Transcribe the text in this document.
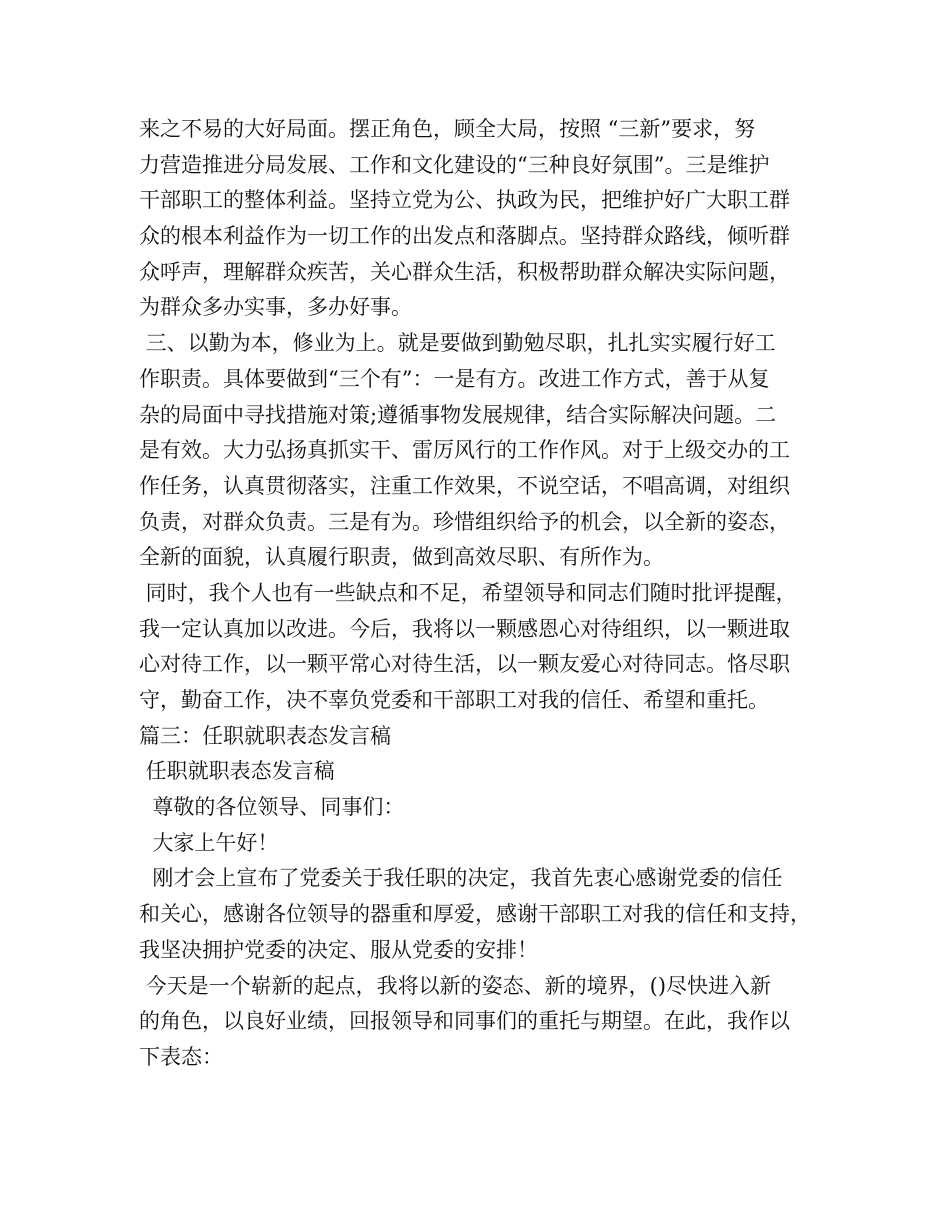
来之不易的大好局面。摆正角色，顾全大局，按照 “三新”要求，努
力营造推进分局发展、工作和文化建设的“三种良好氛围”。三是维护
干部职工的整体利益。坚持立党为公、执政为民，把维护好广大职工群
众的根本利益作为一切工作的出发点和落脚点。坚持群众路线，倾听群
众呼声，理解群众疾苦，关心群众生活，积极帮助群众解决实际问题，
为群众多办实事，多办好事。
三、以勤为本，修业为上。就是要做到勤勉尽职，扎扎实实履行好工
作职责。具体要做到“三个有”：一是有方。改进工作方式，善于从复
杂的局面中寻找措施对策;遵循事物发展规律，结合实际解决问题。二
是有效。大力弘扬真抓实干、雷厉风行的工作作风。对于上级交办的工
作任务，认真贯彻落实，注重工作效果，不说空话，不唱高调，对组织
负责，对群众负责。三是有为。珍惜组织给予的机会，以全新的姿态，
全新的面貌，认真履行职责，做到高效尽职、有所作为。
同时，我个人也有一些缺点和不足，希望领导和同志们随时批评提醒，
我一定认真加以改进。今后，我将以一颗感恩心对待组织，以一颗进取
心对待工作，以一颗平常心对待生活，以一颗友爱心对待同志。恪尽职
守，勤奋工作，决不辜负党委和干部职工对我的信任、希望和重托。
篇三：任职就职表态发言稿
任职就职表态发言稿
尊敬的各位领导、同事们：
大家上午好！
刚才会上宣布了党委关于我任职的决定，我首先衷心感谢党委的信任
和关心，感谢各位领导的器重和厚爱，感谢干部职工对我的信任和支持，
我坚决拥护党委的决定、服从党委的安排！
今天是一个崭新的起点，我将以新的姿态、新的境界，()尽快进入新
的角色，以良好业绩，回报领导和同事们的重托与期望。在此，我作以
下表态：
